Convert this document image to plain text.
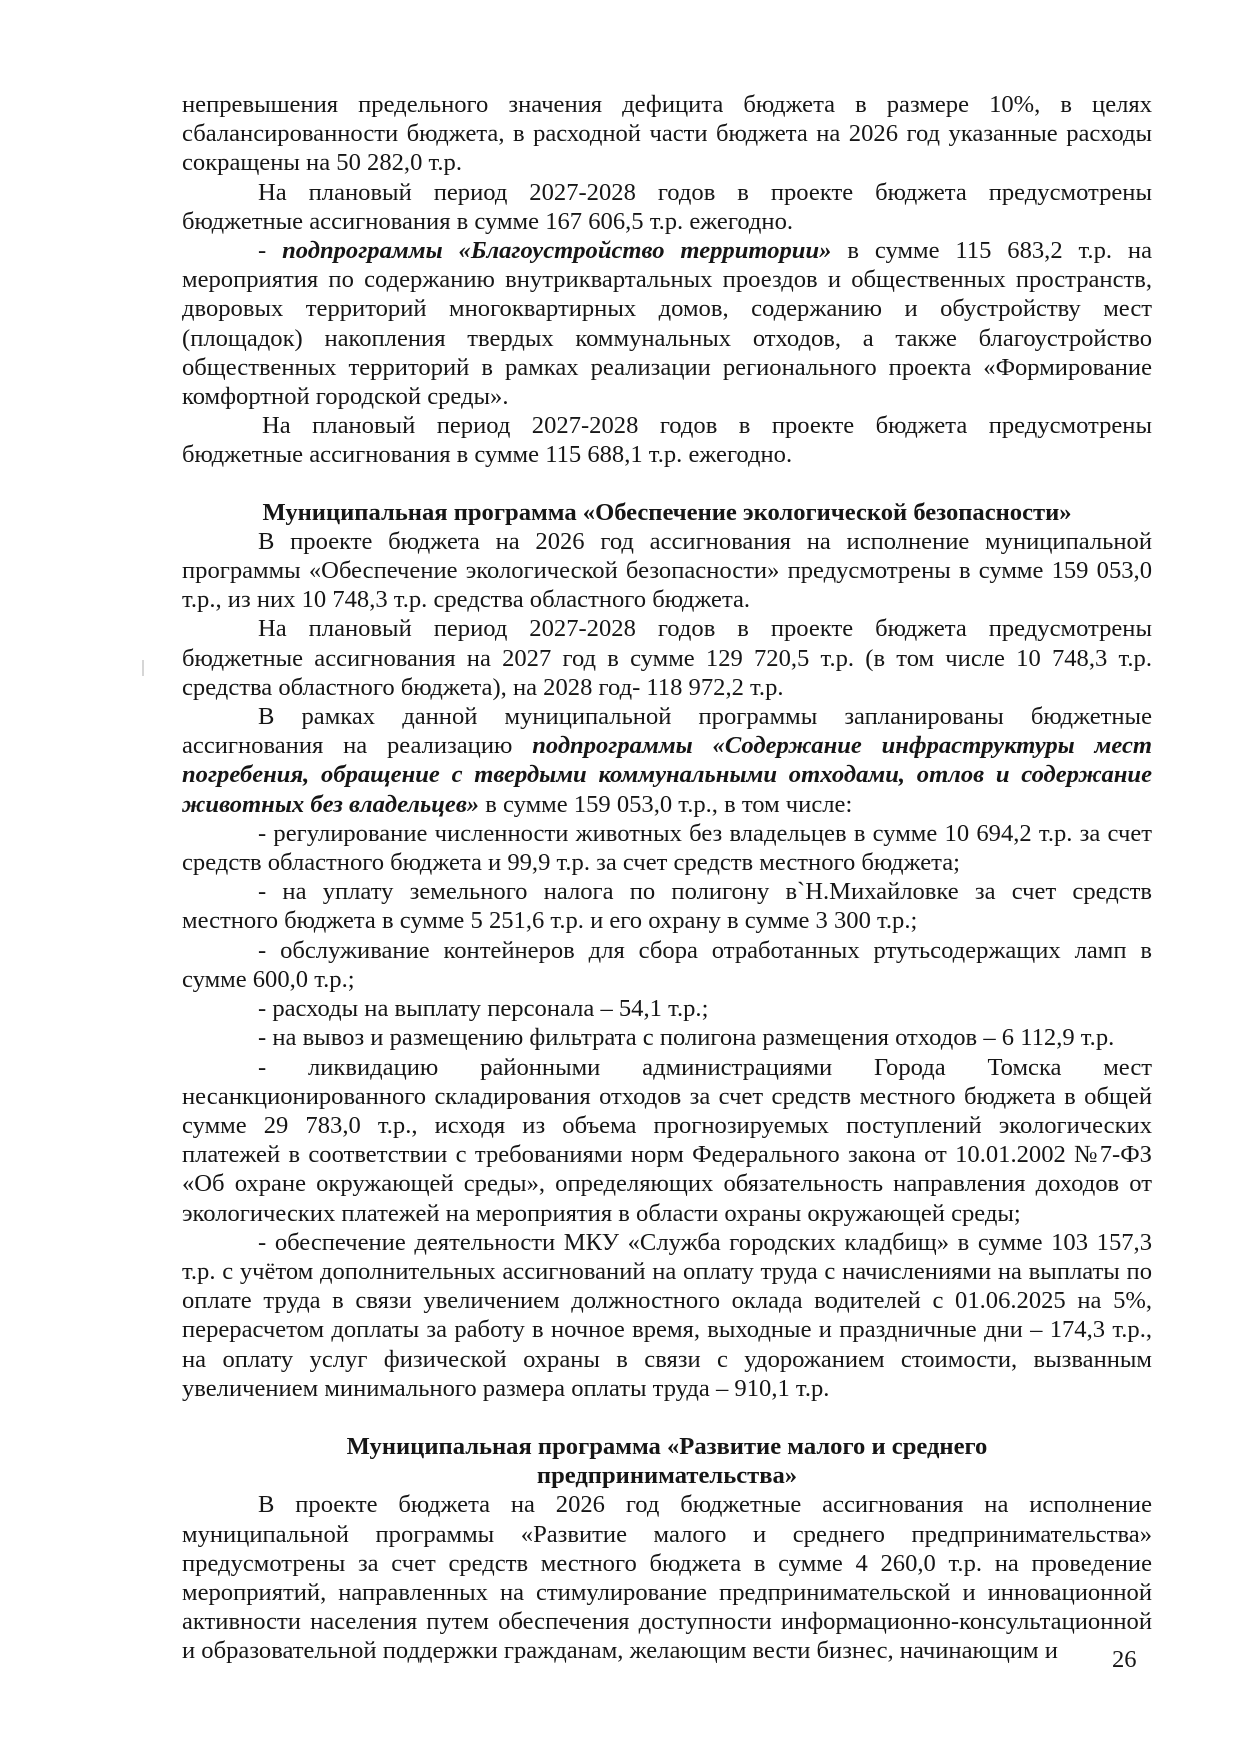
непревышения предельного значения дефицита бюджета в размере 10%, в целях сбалансированности бюджета, в расходной части бюджета на 2026 год указанные расходы сокращены на 50 282,0 т.р.

На плановый период 2027-2028 годов в проекте бюджета предусмотрены бюджетные ассигнования в сумме 167 606,5 т.р. ежегодно.

- подпрограммы «Благоустройство территории» в сумме 115 683,2 т.р. на мероприятия по содержанию внутриквартальных проездов и общественных пространств, дворовых территорий многоквартирных домов, содержанию и обустройству мест (площадок) накопления твердых коммунальных отходов, а также благоустройство общественных территорий в рамках реализации регионального проекта «Формирование комфортной городской среды».

На плановый период 2027-2028 годов в проекте бюджета предусмотрены бюджетные ассигнования в сумме 115 688,1 т.р. ежегодно.

Муниципальная программа «Обеспечение экологической безопасности»

В проекте бюджета на 2026 год ассигнования на исполнение муниципальной программы «Обеспечение экологической безопасности» предусмотрены в сумме 159 053,0 т.р., из них 10 748,3 т.р. средства областного бюджета.

На плановый период 2027-2028 годов в проекте бюджета предусмотрены бюджетные ассигнования на 2027 год в сумме 129 720,5 т.р. (в том числе 10 748,3 т.р. средства областного бюджета), на 2028 год- 118 972,2 т.р.

В рамках данной муниципальной программы запланированы бюджетные ассигнования на реализацию подпрограммы «Содержание инфраструктуры мест погребения, обращение с твердыми коммунальными отходами, отлов и содержание животных без владельцев» в сумме 159 053,0 т.р., в том числе:

- регулирование численности животных без владельцев в сумме 10 694,2 т.р. за счет средств областного бюджета и 99,9 т.р. за счет средств местного бюджета;

- на уплату земельного налога по полигону в`Н.Михайловке за счет средств местного бюджета в сумме 5 251,6 т.р. и его охрану в сумме 3 300 т.р.;

- обслуживание контейнеров для сбора отработанных ртутьсодержащих ламп в сумме 600,0 т.р.;

- расходы на выплату персонала – 54,1 т.р.;

- на вывоз и размещению фильтрата с полигона размещения отходов – 6 112,9 т.р.

- ликвидацию районными администрациями Города Томска мест несанкционированного складирования отходов за счет средств местного бюджета в общей сумме 29 783,0 т.р., исходя из объема прогнозируемых поступлений экологических платежей в соответствии с требованиями норм Федерального закона от 10.01.2002 №7-ФЗ «Об охране окружающей среды», определяющих обязательность направления доходов от экологических платежей на мероприятия в области охраны окружающей среды;

- обеспечение деятельности МКУ «Служба городских кладбищ» в сумме 103 157,3 т.р. с учётом дополнительных ассигнований на оплату труда с начислениями на выплаты по оплате труда в связи увеличением должностного оклада водителей с 01.06.2025 на 5%, перерасчетом доплаты за работу в ночное время, выходные и праздничные дни – 174,3 т.р., на оплату услуг физической охраны в связи с удорожанием стоимости, вызванным увеличением минимального размера оплаты труда – 910,1 т.р.

Муниципальная программа «Развитие малого и среднего

предпринимательства»

В проекте бюджета на 2026 год бюджетные ассигнования на исполнение муниципальной программы «Развитие малого и среднего предпринимательства» предусмотрены за счет средств местного бюджета в сумме 4 260,0 т.р. на проведение мероприятий, направленных на стимулирование предпринимательской и инновационной активности населения путем обеспечения доступности информационно-консультационной и образовательной поддержки гражданам, желающим вести бизнес, начинающим и	26
